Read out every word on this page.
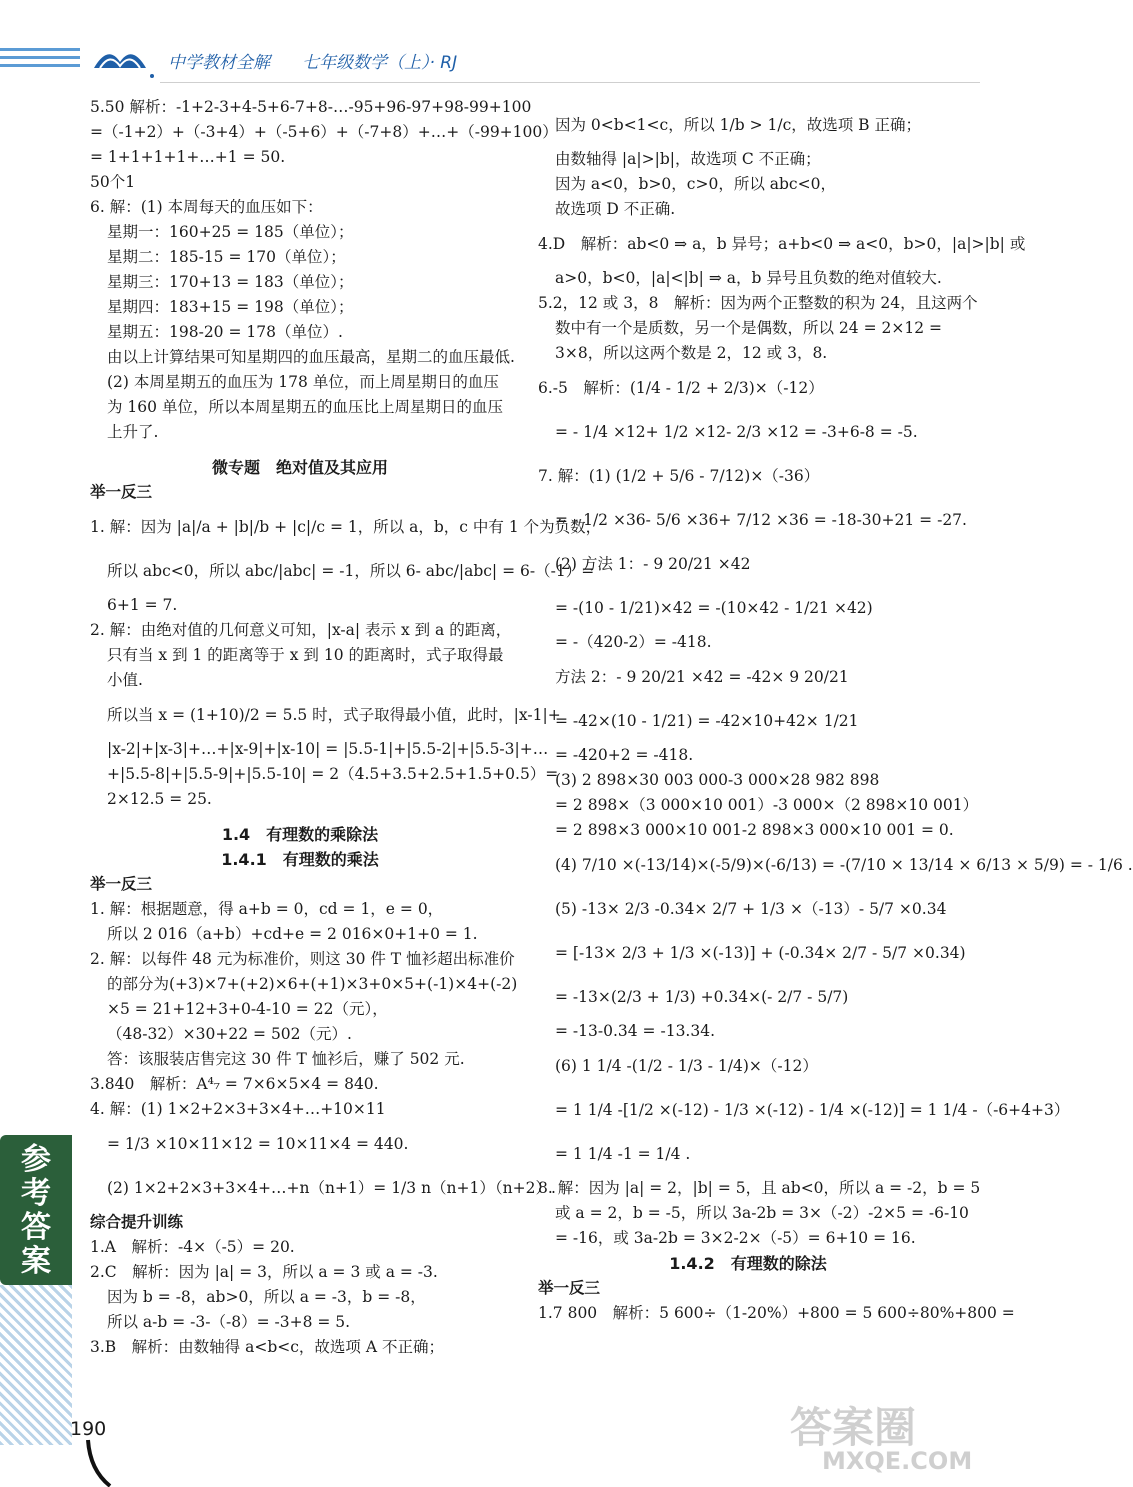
中学教材全解 七年级数学（上）· RJ

5.50 解析：-1+2-3+4-5+6-7+8-…-95+96-97+98-99+100

=（-1+2）+（-3+4）+（-5+6）+（-7+8）+…+（-99+100）

= 1+1+1+1+…+1 = 50.

50个1

6. 解：(1) 本周每天的血压如下：

星期一：160+25 = 185（单位）；

星期二：185-15 = 170（单位）；

星期三：170+13 = 183（单位）；

星期四：183+15 = 198（单位）；

星期五：198-20 = 178（单位）.

由以上计算结果可知星期四的血压最高，星期二的血压最低.

(2) 本周星期五的血压为 178 单位，而上周星期日的血压

为 160 单位，所以本周星期五的血压比上周星期日的血压

上升了.

微专题　绝对值及其应用

举一反三

1. 解：因为 |a|/a + |b|/b + |c|/c = 1，所以 a，b，c 中有 1 个为负数，

所以 abc<0，所以 abc/|abc| = -1，所以 6- abc/|abc| = 6-（-1）=

6+1 = 7.

2. 解：由绝对值的几何意义可知，|x-a| 表示 x 到 a 的距离，

只有当 x 到 1 的距离等于 x 到 10 的距离时，式子取得最

小值.

所以当 x = (1+10)/2 = 5.5 时，式子取得最小值，此时，|x-1|+

|x-2|+|x-3|+…+|x-9|+|x-10| = |5.5-1|+|5.5-2|+|5.5-3|+…

+|5.5-8|+|5.5-9|+|5.5-10| = 2（4.5+3.5+2.5+1.5+0.5）=

2×12.5 = 25.

1.4　有理数的乘除法

1.4.1　有理数的乘法

举一反三

1. 解：根据题意，得 a+b = 0，cd = 1，e = 0，

所以 2 016（a+b）+cd+e = 2 016×0+1+0 = 1.

2. 解：以每件 48 元为标准价，则这 30 件 T 恤衫超出标准价

的部分为(+3)×7+(+2)×6+(+1)×3+0×5+(-1)×4+(-2)

×5 = 21+12+3+0-4-10 = 22（元），

（48-32）×30+22 = 502（元）.

答：该服装店售完这 30 件 T 恤衫后，赚了 502 元.

3.840　解析：A⁴₇ = 7×6×5×4 = 840.

4. 解：(1) 1×2+2×3+3×4+…+10×11

= 1/3 ×10×11×12 = 10×11×4 = 440.

(2) 1×2+2×3+3×4+…+n（n+1）= 1/3 n（n+1）（n+2）.

综合提升训练

1.A　解析：-4×（-5）= 20.

2.C　解析：因为 |a| = 3，所以 a = 3 或 a = -3.

因为 b = -8，ab>0，所以 a = -3，b = -8，

所以 a-b = -3-（-8）= -3+8 = 5.

3.B　解析：由数轴得 a<b<c，故选项 A 不正确；

因为 0<b<1<c，所以 1/b > 1/c，故选项 B 正确；

由数轴得 |a|>|b|，故选项 C 不正确；

因为 a<0，b>0，c>0，所以 abc<0，

故选项 D 不正确.

4.D　解析：ab<0 ⇒ a，b 异号；a+b<0 ⇒ a<0，b>0，|a|>|b| 或

a>0，b<0，|a|<|b| ⇒ a，b 异号且负数的绝对值较大.

5.2，12 或 3，8　解析：因为两个正整数的积为 24，且这两个

数中有一个是质数，另一个是偶数，所以 24 = 2×12 =

3×8，所以这两个数是 2，12 或 3，8.

6.-5　解析：(1/4 - 1/2 + 2/3)×（-12）

= - 1/4 ×12+ 1/2 ×12- 2/3 ×12 = -3+6-8 = -5.

7. 解：(1) (1/2 + 5/6 - 7/12)×（-36）

= - 1/2 ×36- 5/6 ×36+ 7/12 ×36 = -18-30+21 = -27.

(2) 方法 1：- 9 20/21 ×42

= -(10 - 1/21)×42 = -(10×42 - 1/21 ×42)

= -（420-2）= -418.

方法 2：- 9 20/21 ×42 = -42× 9 20/21

= -42×(10 - 1/21) = -42×10+42× 1/21

= -420+2 = -418.

(3) 2 898×30 003 000-3 000×28 982 898

= 2 898×（3 000×10 001）-3 000×（2 898×10 001）

= 2 898×3 000×10 001-2 898×3 000×10 001 = 0.

(4) 7/10 ×(-13/14)×(-5/9)×(-6/13) = -(7/10 × 13/14 × 6/13 × 5/9) = - 1/6 .

(5) -13× 2/3 -0.34× 2/7 + 1/3 ×（-13）- 5/7 ×0.34

= [-13× 2/3 + 1/3 ×(-13)] + (-0.34× 2/7 - 5/7 ×0.34)

= -13×(2/3 + 1/3) +0.34×(- 2/7 - 5/7)

= -13-0.34 = -13.34.

(6) 1 1/4 -(1/2 - 1/3 - 1/4)×（-12）

= 1 1/4 -[1/2 ×(-12) - 1/3 ×(-12) - 1/4 ×(-12)] = 1 1/4 -（-6+4+3）

= 1 1/4 -1 = 1/4 .

8. 解：因为 |a| = 2，|b| = 5，且 ab<0，所以 a = -2，b = 5

或 a = 2，b = -5，所以 3a-2b = 3×（-2）-2×5 = -6-10

= -16，或 3a-2b = 3×2-2×（-5）= 6+10 = 16.

1.4.2　有理数的除法

举一反三

1.7 800　解析：5 600÷（1-20%）+800 = 5 600÷80%+800 =

参考答案
190	答案圈
MXQE.COM
